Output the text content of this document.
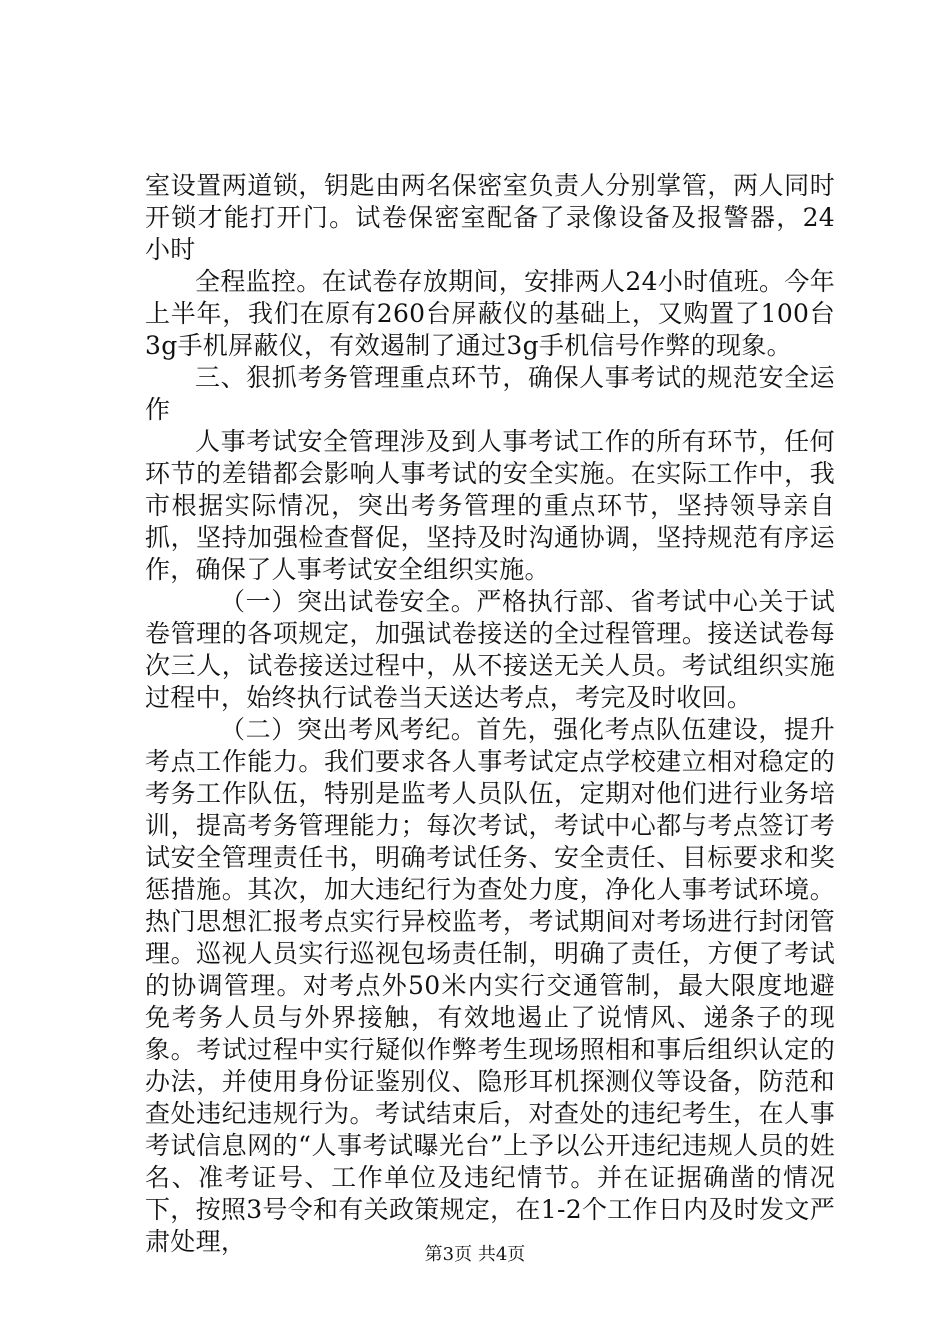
室设置两道锁，钥匙由两名保密室负责人分别掌管，两人同时开锁才能打开门。试卷保密室配备了录像设备及报警器，24小时

全程监控。在试卷存放期间，安排两人24小时值班。今年上半年，我们在原有260台屏蔽仪的基础上，又购置了100台3g手机屏蔽仪，有效遏制了通过3g手机信号作弊的现象。

三、狠抓考务管理重点环节，确保人事考试的规范安全运作

人事考试安全管理涉及到人事考试工作的所有环节，任何环节的差错都会影响人事考试的安全实施。在实际工作中，我市根据实际情况，突出考务管理的重点环节，坚持领导亲自抓，坚持加强检查督促，坚持及时沟通协调，坚持规范有序运作，确保了人事考试安全组织实施。

（一）突出试卷安全。严格执行部、省考试中心关于试卷管理的各项规定，加强试卷接送的全过程管理。接送试卷每次三人，试卷接送过程中，从不接送无关人员。考试组织实施过程中，始终执行试卷当天送达考点，考完及时收回。

（二）突出考风考纪。首先，强化考点队伍建设，提升考点工作能力。我们要求各人事考试定点学校建立相对稳定的考务工作队伍，特别是监考人员队伍，定期对他们进行业务培训，提高考务管理能力；每次考试，考试中心都与考点签订考试安全管理责任书，明确考试任务、安全责任、目标要求和奖惩措施。其次，加大违纪行为查处力度，净化人事考试环境。热门思想汇报考点实行异校监考，考试期间对考场进行封闭管理。巡视人员实行巡视包场责任制，明确了责任，方便了考试的协调管理。对考点外50米内实行交通管制，最大限度地避免考务人员与外界接触，有效地遏止了说情风、递条子的现象。考试过程中实行疑似作弊考生现场照相和事后组织认定的办法，并使用身份证鉴别仪、隐形耳机探测仪等设备，防范和查处违纪违规行为。考试结束后，对查处的违纪考生，在人事考试信息网的“人事考试曝光台”上予以公开违纪违规人员的姓名、准考证号、工作单位及违纪情节。并在证据确凿的情况下，按照3号令和有关政策规定，在1-2个工作日内及时发文严肃处理，	第3页 共4页
